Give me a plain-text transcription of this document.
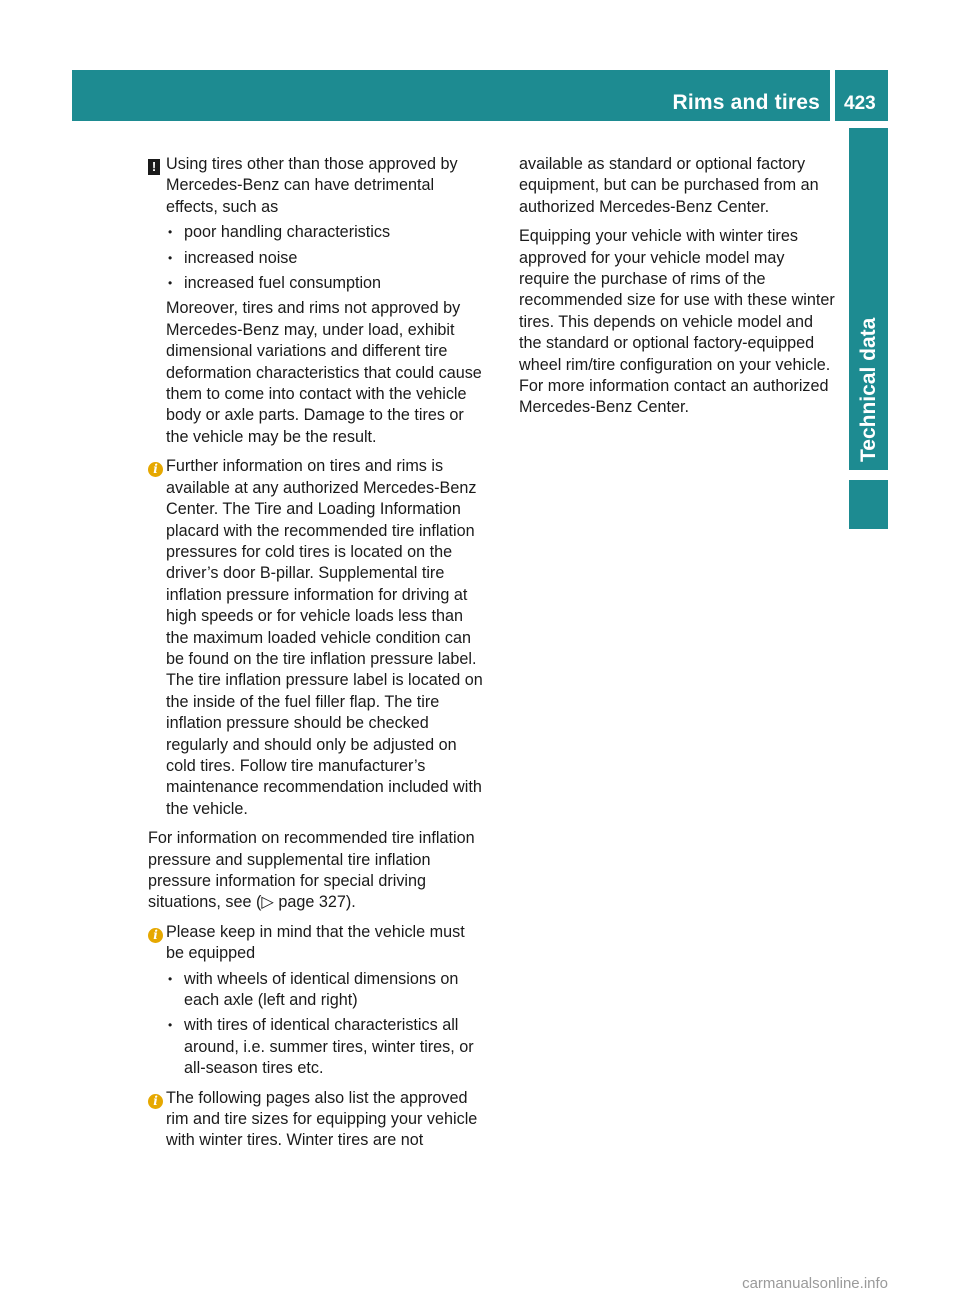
Rims and tires 423
Technical data
! Using tires other than those approved by Mercedes-Benz can have detrimental effects, such as

• poor handling characteristics
• increased noise
• increased fuel consumption

Moreover, tires and rims not approved by Mercedes-Benz may, under load, exhibit dimensional variations and different tire deformation characteristics that could cause them to come into contact with the vehicle body or axle parts. Damage to the tires or the vehicle may be the result.

i Further information on tires and rims is available at any authorized Mercedes-Benz Center. The Tire and Loading Information placard with the recommended tire inflation pressures for cold tires is located on the driver’s door B-pillar. Supplemental tire inflation pressure information for driving at high speeds or for vehicle loads less than the maximum loaded vehicle condition can be found on the tire inflation pressure label. The tire inflation pressure label is located on the inside of the fuel filler flap. The tire inflation pressure should be checked regularly and should only be adjusted on cold tires. Follow tire manufacturer’s maintenance recommendation included with the vehicle.

For information on recommended tire inflation pressure and supplemental tire inflation pressure information for special driving situations, see (▷ page 327).

i Please keep in mind that the vehicle must be equipped

• with wheels of identical dimensions on each axle (left and right)
• with tires of identical characteristics all around, i.e. summer tires, winter tires, or all-season tires etc.
i The following pages also list the approved rim and tire sizes for equipping your vehicle with winter tires. Winter tires are not

available as standard or optional factory equipment, but can be purchased from an authorized Mercedes-Benz Center.

Equipping your vehicle with winter tires approved for your vehicle model may require the purchase of rims of the recommended size for use with these winter tires. This depends on vehicle model and the standard or optional factory-equipped wheel rim/tire configuration on your vehicle. For more information contact an authorized Mercedes-Benz Center.

carmanualsonline.info
